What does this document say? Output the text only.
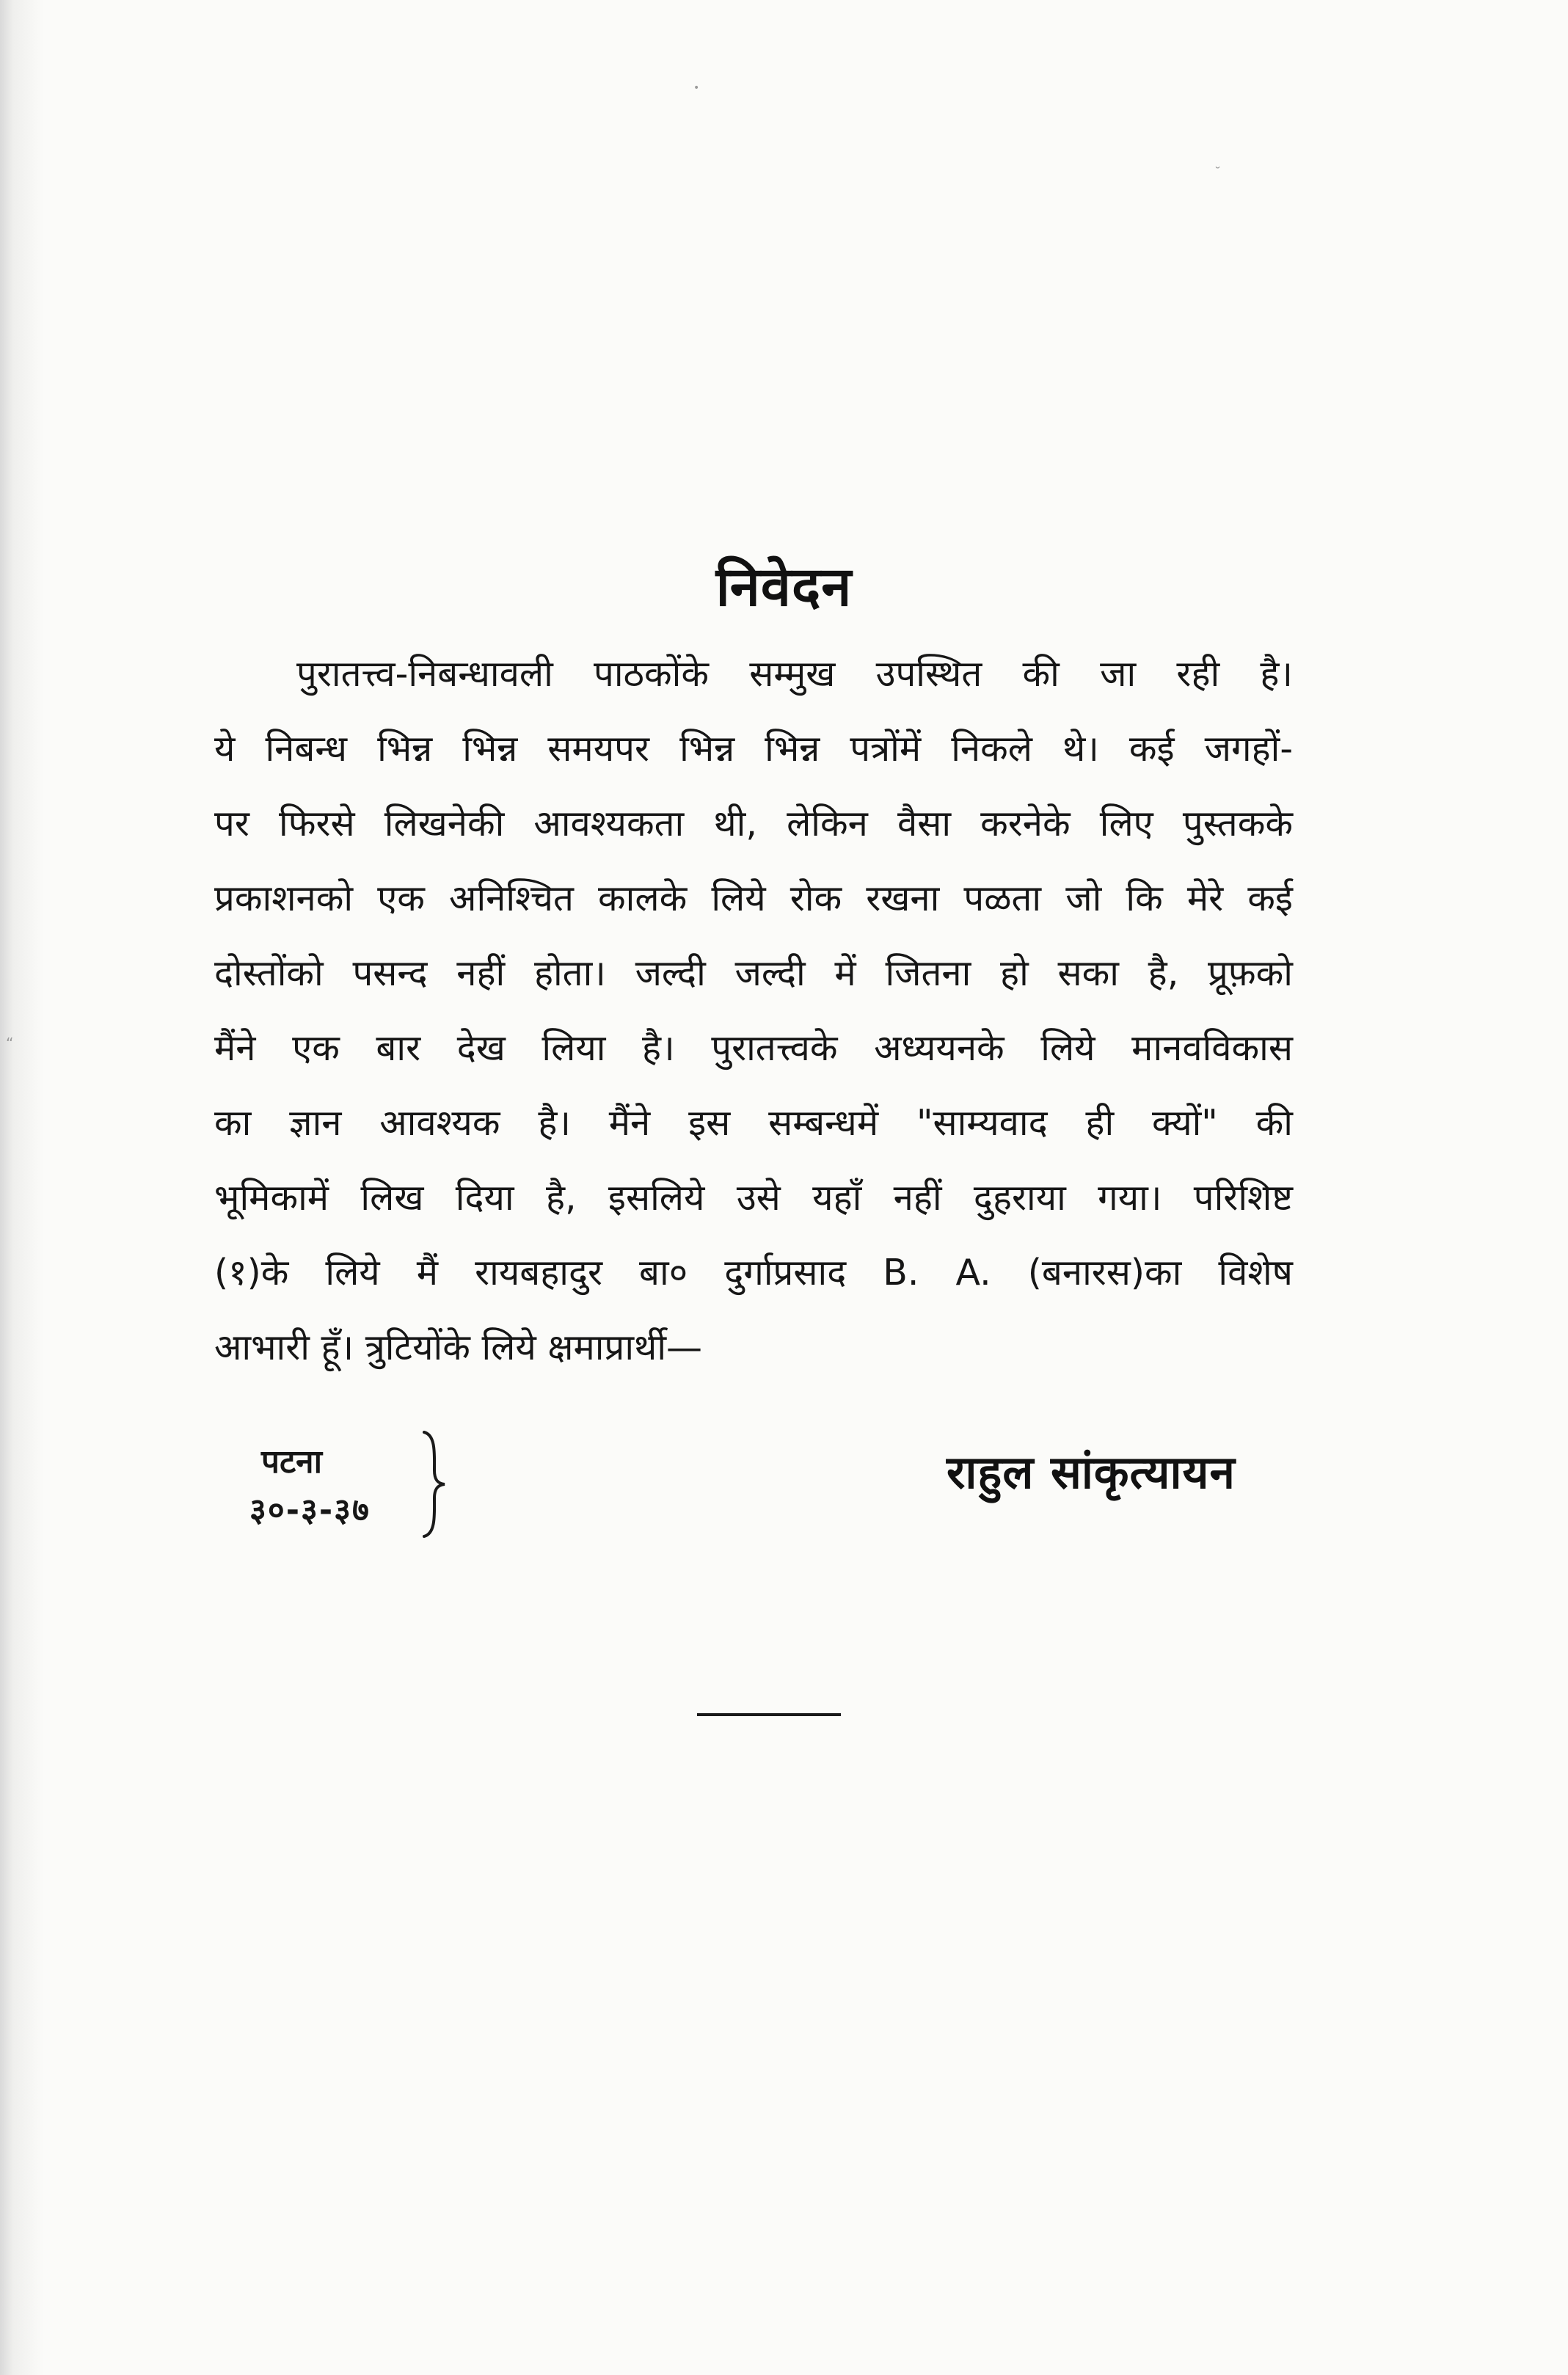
•
˘
“
निवेदन
पुरातत्त्व-निबन्धावली पाठकोंके सम्मुख उपस्थित की जा रही है।
ये निबन्ध भिन्न भिन्न समयपर भिन्न भिन्न पत्रोंमें निकले थे। कई जगहों-
पर फिरसे लिखनेकी आवश्यकता थी, लेकिन वैसा करनेके लिए पुस्तकके
प्रकाशनको एक अनिश्चित कालके लिये रोक रखना पळता जो कि मेरे कई
दोस्तोंको पसन्द नहीं होता। जल्दी जल्दी में जितना हो सका है, प्रूफ़को
मैंने एक बार देख लिया है। पुरातत्त्वके अध्ययनके लिये मानवविकास
का ज्ञान आवश्यक है। मैंने इस सम्बन्धमें "साम्यवाद ही क्यों" की
भूमिकामें लिख दिया है, इसलिये उसे यहाँ नहीं दुहराया गया। परिशिष्ट
(१)के लिये मैं रायबहादुर बा० दुर्गाप्रसाद B. A. (बनारस)का विशेष
आभारी हूँ। त्रुटियोंके लिये क्षमाप्रार्थी—
पटना
३०-३-३७
राहुल सांकृत्यायन
